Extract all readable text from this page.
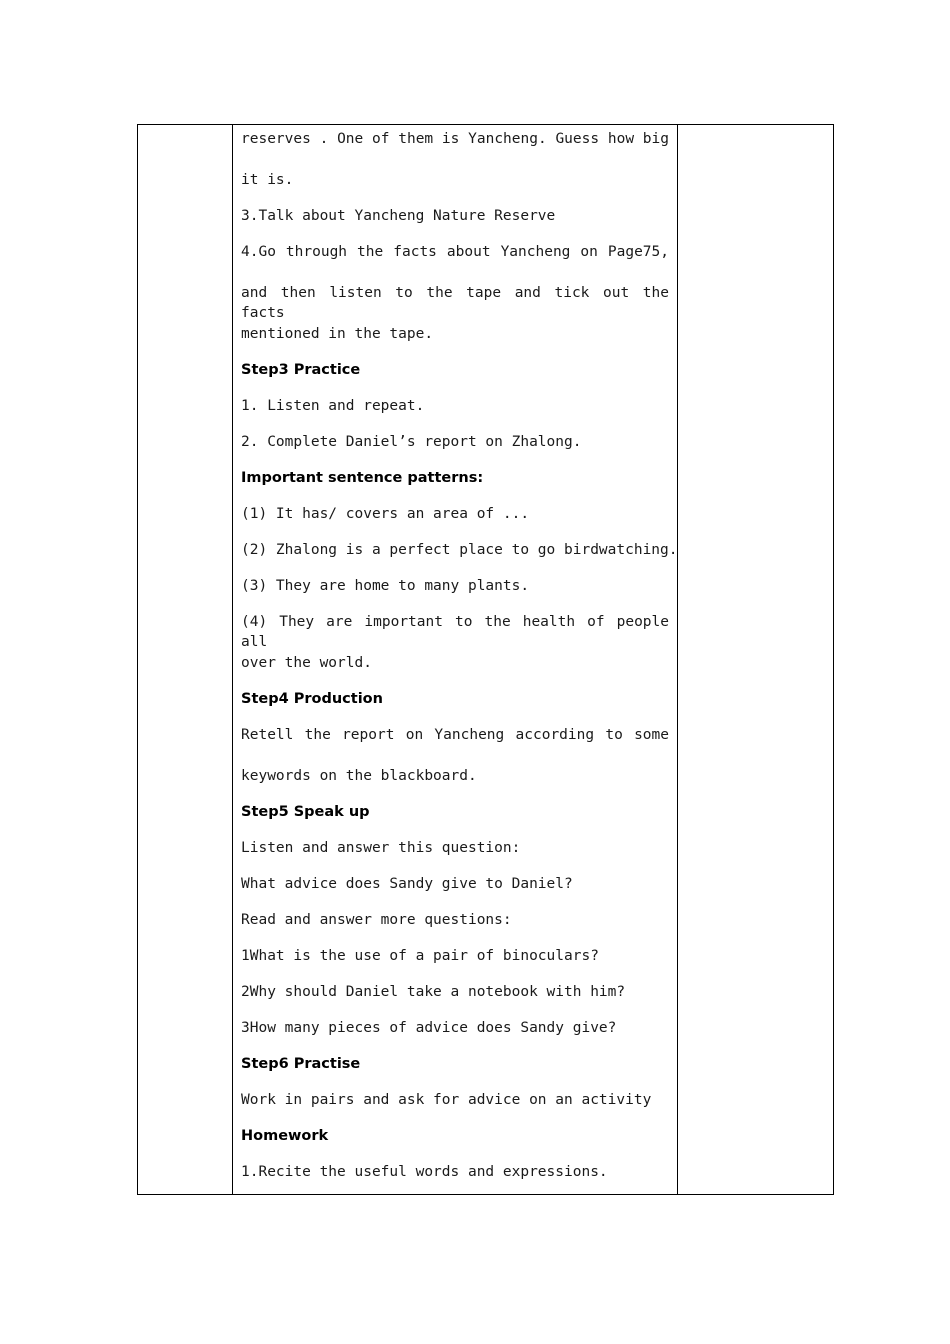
reserves . One of them is Yancheng. Guess how big
it is.
3.Talk about Yancheng Nature Reserve
4.Go through the facts about Yancheng on Page75,
and then listen to the tape and tick out the facts
mentioned in the tape.
Step3 Practice
1. Listen and repeat.
2. Complete Daniel’s report on Zhalong.
Important sentence patterns:
(1) It has/ covers an area of ...
(2) Zhalong is a perfect place to go birdwatching.
(3) They are home to many plants.
(4) They are important to the health of people all
over the world.
Step4 Production
Retell the report on Yancheng according to some
keywords on the blackboard.
Step5 Speak up
Listen and answer this question:
What advice does Sandy give to Daniel?
Read and answer more questions:
1What is the use of a pair of binoculars?
2Why should Daniel take a notebook with him?
3How many pieces of advice does Sandy give?
Step6 Practise
Work in pairs and ask for advice on an activity
Homework
1.Recite the useful words and expressions.
